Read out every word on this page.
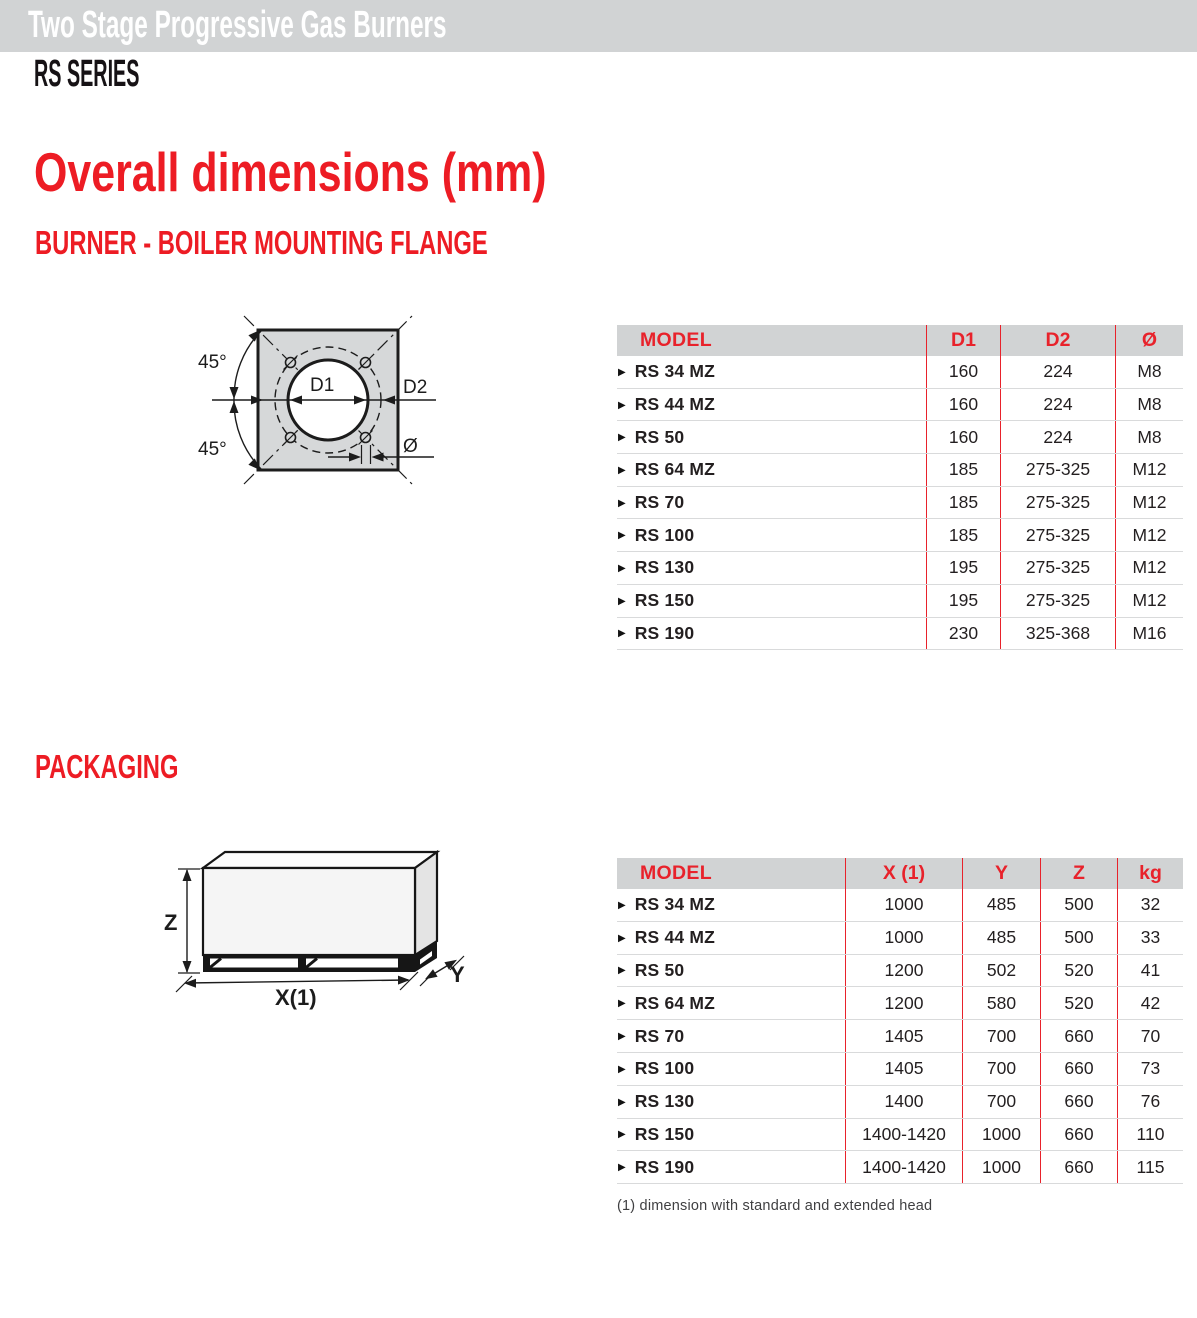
Two Stage Progressive Gas Burners
RS SERIES
Overall dimensions (mm)
BURNER - BOILER MOUNTING FLANGE
PACKAGING
45°
45°
D1	D2
Ø
MODEL	D1	D2	Ø
▶ RS 34 MZ	160	224	M8
▶ RS 44 MZ	160	224	M8
▶ RS 50	160	224	M8
▶ RS 64 MZ	185	275-325	M12
▶ RS 70	185	275-325	M12
▶ RS 100	185	275-325	M12
▶ RS 130	195	275-325	M12
▶ RS 150	195	275-325	M12
▶ RS 190	230	325-368	M16
Z
X(1)
Y
MODEL	X (1)	Y	Z	kg
▶ RS 34 MZ	1000	485	500	32
▶ RS 44 MZ	1000	485	500	33
▶ RS 50	1200	502	520	41
▶ RS 64 MZ	1200	580	520	42
▶ RS 70	1405	700	660	70
▶ RS 100	1405	700	660	73
▶ RS 130	1400	700	660	76
▶ RS 150	1400-1420	1000	660	110
▶ RS 190	1400-1420	1000	660	115
(1) dimension with standard and extended head
